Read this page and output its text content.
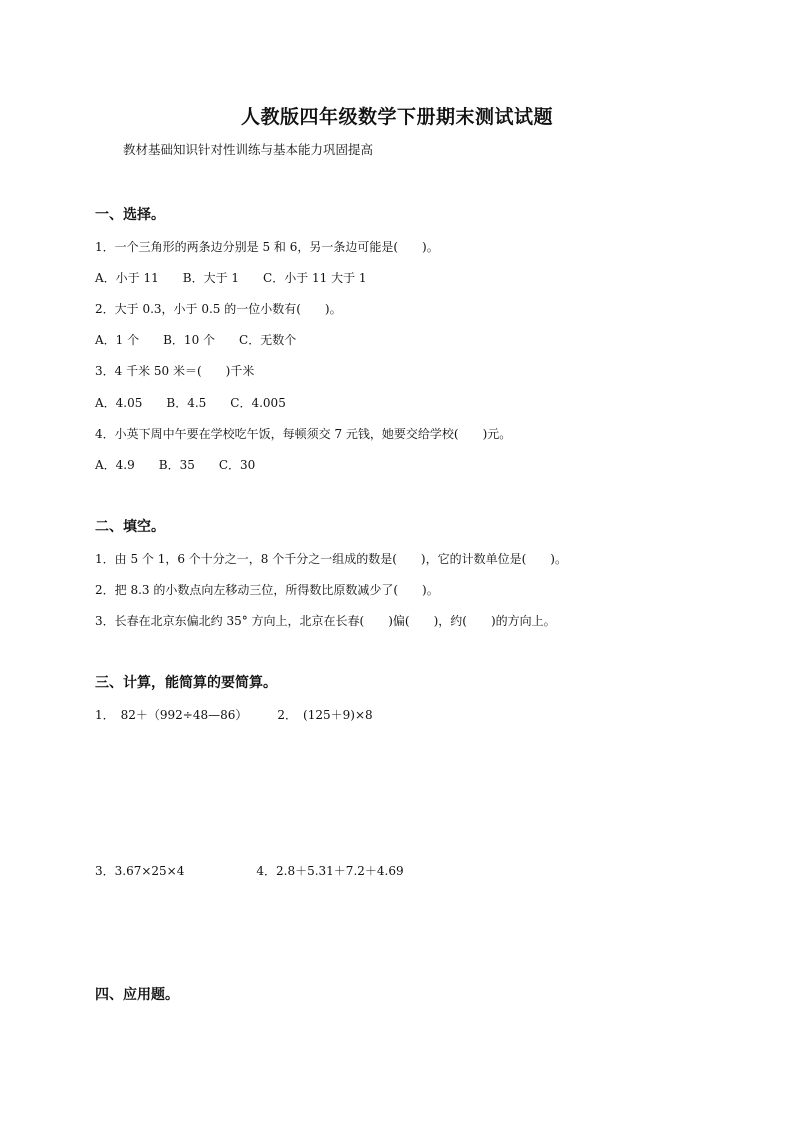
人教版四年级数学下册期末测试试题
教材基础知识针对性训练与基本能力巩固提高
一、选择。
1．一个三角形的两条边分别是 5 和 6，另一条边可能是(　　)。
A．小于 11　　B．大于 1　　C．小于 11 大于 1
2．大于 0.3，小于 0.5 的一位小数有(　　)。
A．1 个　　B．10 个　　C．无数个
3．4 千米 50 米＝(　　)千米
A．4.05　　B．4.5　　C．4.005
4．小英下周中午要在学校吃午饭，每顿须交 7 元钱，她要交给学校(　　)元。
A．4.9　　B．35　　C．30
二、填空。
1．由 5 个 1，6 个十分之一，8 个千分之一组成的数是(　　)，它的计数单位是(　　)。
2．把 8.3 的小数点向左移动三位，所得数比原数减少了(　　)。
3．长春在北京东偏北约 35° 方向上，北京在长春(　　)偏(　　)，约(　　)的方向上。
三、计算，能简算的要简算。
1．　82＋（992÷48—86）　　　2．　(125＋9)×8
3．3.67×25×4　　　　　　4．2.8＋5.31＋7.2＋4.69
四、应用题。
